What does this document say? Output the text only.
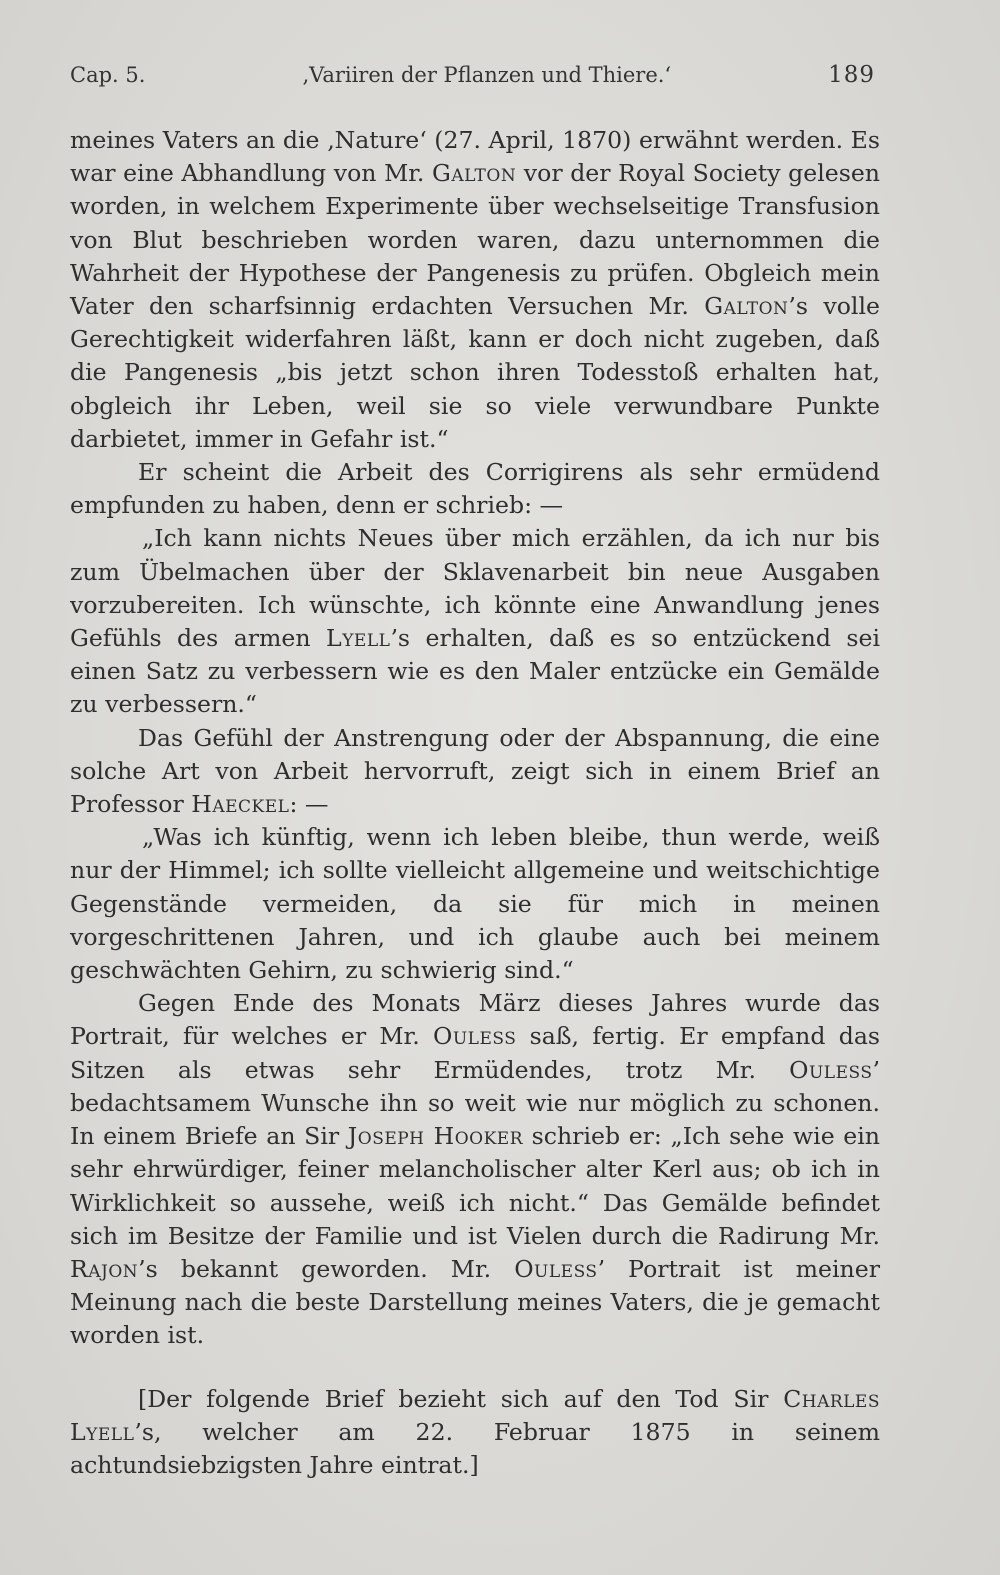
Cap. 5.	‚Variiren der Pflanzen und Thiere.‘	189

meines Vaters an die ‚Nature‘ (27. April, 1870) erwähnt werden. Es war eine Abhandlung von Mr. Galton vor der Royal Society gelesen worden, in welchem Experimente über wechselseitige Transfusion von Blut beschrieben worden waren, dazu unternommen die Wahrheit der Hypothese der Pangenesis zu prüfen. Obgleich mein Vater den scharfsinnig erdachten Versuchen Mr. Galton’s volle Gerechtigkeit widerfahren läßt, kann er doch nicht zugeben, daß die Pangenesis „bis jetzt schon ihren Todesstoß erhalten hat, obgleich ihr Leben, weil sie so viele verwundbare Punkte darbietet, immer in Gefahr ist.“

Er scheint die Arbeit des Corrigirens als sehr ermüdend empfunden zu haben, denn er schrieb: —

„Ich kann nichts Neues über mich erzählen, da ich nur bis zum Übelmachen über der Sklavenarbeit bin neue Ausgaben vorzubereiten. Ich wünschte, ich könnte eine Anwandlung jenes Gefühls des armen Lyell’s erhalten, daß es so entzückend sei einen Satz zu verbessern wie es den Maler entzücke ein Gemälde zu verbessern.“

Das Gefühl der Anstrengung oder der Abspannung, die eine solche Art von Arbeit hervorruft, zeigt sich in einem Brief an Professor Haeckel: —

„Was ich künftig, wenn ich leben bleibe, thun werde, weiß nur der Himmel; ich sollte vielleicht allgemeine und weitschichtige Gegenstände vermeiden, da sie für mich in meinen vorgeschrittenen Jahren, und ich glaube auch bei meinem geschwächten Gehirn, zu schwierig sind.“

Gegen Ende des Monats März dieses Jahres wurde das Portrait, für welches er Mr. Ouless saß, fertig. Er empfand das Sitzen als etwas sehr Ermüdendes, trotz Mr. Ouless’ bedachtsamem Wunsche ihn so weit wie nur möglich zu schonen. In einem Briefe an Sir Joseph Hooker schrieb er: „Ich sehe wie ein sehr ehrwürdiger, feiner melancholischer alter Kerl aus; ob ich in Wirklichkeit so aussehe, weiß ich nicht.“ Das Gemälde befindet sich im Besitze der Familie und ist Vielen durch die Radirung Mr. Rajon’s bekannt geworden. Mr. Ouless’ Portrait ist meiner Meinung nach die beste Darstellung meines Vaters, die je gemacht worden ist.

[Der folgende Brief bezieht sich auf den Tod Sir Charles Lyell’s, welcher am 22. Februar 1875 in seinem achtundsiebzigsten Jahre eintrat.]
